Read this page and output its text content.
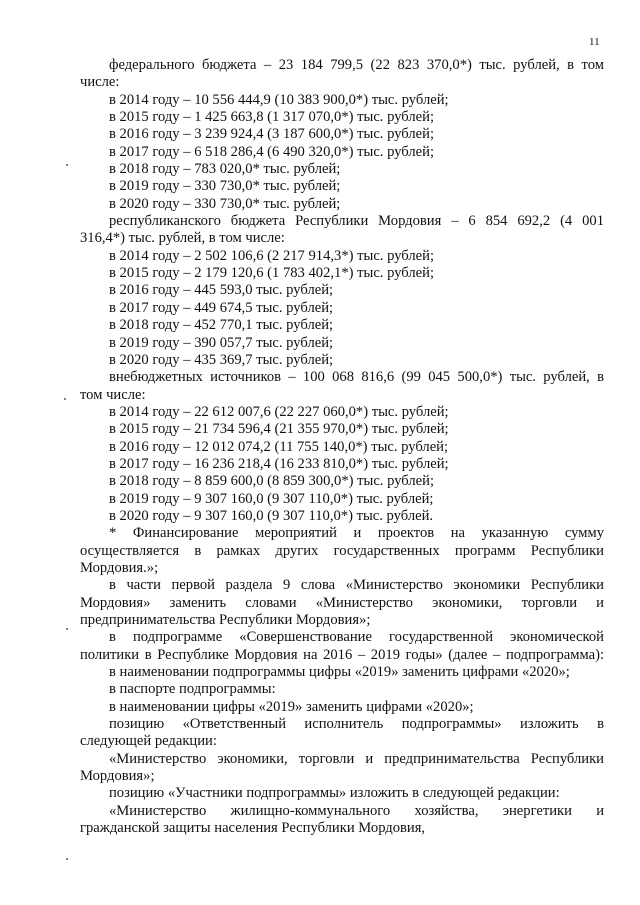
11
федерального бюджета – 23 184 799,5 (22 823 370,0*) тыс. рублей, в том
числе:
в 2014 году – 10 556 444,9 (10 383 900,0*) тыс. рублей;
в 2015 году – 1 425 663,8 (1 317 070,0*) тыс. рублей;
в 2016 году – 3 239 924,4 (3 187 600,0*) тыс. рублей;
в 2017 году – 6 518 286,4 (6 490 320,0*) тыс. рублей;
в 2018 году – 783 020,0* тыс. рублей;
в 2019 году – 330 730,0* тыс. рублей;
в 2020 году – 330 730,0* тыс. рублей;
республиканского бюджета Республики Мордовия – 6 854 692,2 (4 001
316,4*) тыс. рублей, в том числе:
в 2014 году – 2 502 106,6 (2 217 914,3*) тыс. рублей;
в 2015 году – 2 179 120,6 (1 783 402,1*) тыс. рублей;
в 2016 году – 445 593,0 тыс. рублей;
в 2017 году – 449 674,5 тыс. рублей;
в 2018 году – 452 770,1 тыс. рублей;
в 2019 году – 390 057,7 тыс. рублей;
в 2020 году – 435 369,7 тыс. рублей;
внебюджетных источников – 100 068 816,6 (99 045 500,0*) тыс. рублей, в
том числе:
в 2014 году – 22 612 007,6 (22 227 060,0*) тыс. рублей;
в 2015 году – 21 734 596,4 (21 355 970,0*) тыс. рублей;
в 2016 году – 12 012 074,2 (11 755 140,0*) тыс. рублей;
в 2017 году – 16 236 218,4 (16 233 810,0*) тыс. рублей;
в 2018 году – 8 859 600,0 (8 859 300,0*) тыс. рублей;
в 2019 году – 9 307 160,0 (9 307 110,0*) тыс. рублей;
в 2020 году – 9 307 160,0 (9 307 110,0*) тыс. рублей.
* Финансирование мероприятий и проектов на указанную сумму
осуществляется в рамках других государственных программ Республики
Мордовия.»;
в части первой раздела 9 слова «Министерство экономики Республики
Мордовия» заменить словами «Министерство экономики, торговли и
предпринимательства Республики Мордовия»;
в подпрограмме «Совершенствование государственной экономической
политики в Республике Мордовия на 2016 – 2019 годы» (далее – подпрограмма):
в наименовании подпрограммы цифры «2019» заменить цифрами «2020»;
в паспорте подпрограммы:
в наименовании цифры «2019» заменить цифрами «2020»;
позицию «Ответственный исполнитель подпрограммы» изложить в
следующей редакции:
«Министерство экономики, торговли и предпринимательства Республики
Мордовия»;
позицию «Участники подпрограммы» изложить в следующей редакции:
«Министерство жилищно-коммунального хозяйства, энергетики и
гражданской защиты населения Республики Мордовия,
